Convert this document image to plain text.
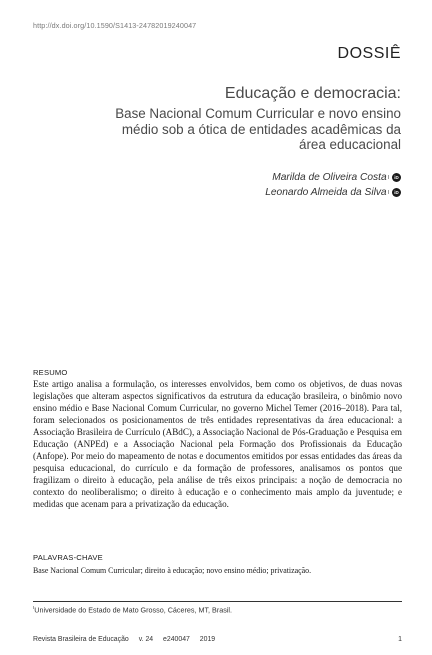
http://dx.doi.org/10.1590/S1413-24782019240047
DOSSIÊ
Educação e democracia:
Base Nacional Comum Curricular e novo ensino médio sob a ótica de entidades acadêmicas da área educacional
Marilda de Oliveira Costa I	iD
Leonardo Almeida da Silva I	iD
RESUMO

Este artigo analisa a formulação, os interesses envolvidos, bem como os objetivos, de duas novas legislações que alteram aspectos significativos da estrutura da educação brasileira, o binômio novo ensino médio e Base Nacional Comum Curricular, no governo Michel Temer (2016–2018). Para tal, foram selecionados os posicionamentos de três entidades representativas da área educacional: a Associação Brasileira de Currículo (ABdC), a Associação Nacional de Pós-Graduação e Pesquisa em Educação (ANPEd) e a Associação Nacional pela Formação dos Profissionais da Educação (Anfope). Por meio do mapeamento de notas e documentos emitidos por essas entidades das áreas da pesquisa educacional, do currículo e da formação de professores, analisamos os pontos que fragilizam o direito à educação, pela análise de três eixos principais: a noção de democracia no contexto do neoliberalismo; o direito à educação e o conhecimento mais amplo da juventude; e medidas que acenam para a privatização da educação.

PALAVRAS-CHAVE
Base Nacional Comum Curricular; direito à educação; novo ensino médio; privatização.
$^I$Universidade do Estado de Mato Grosso, Cáceres, MT, Brasil.
Revista Brasileira de Educação v. 24 e240047 2019	1
